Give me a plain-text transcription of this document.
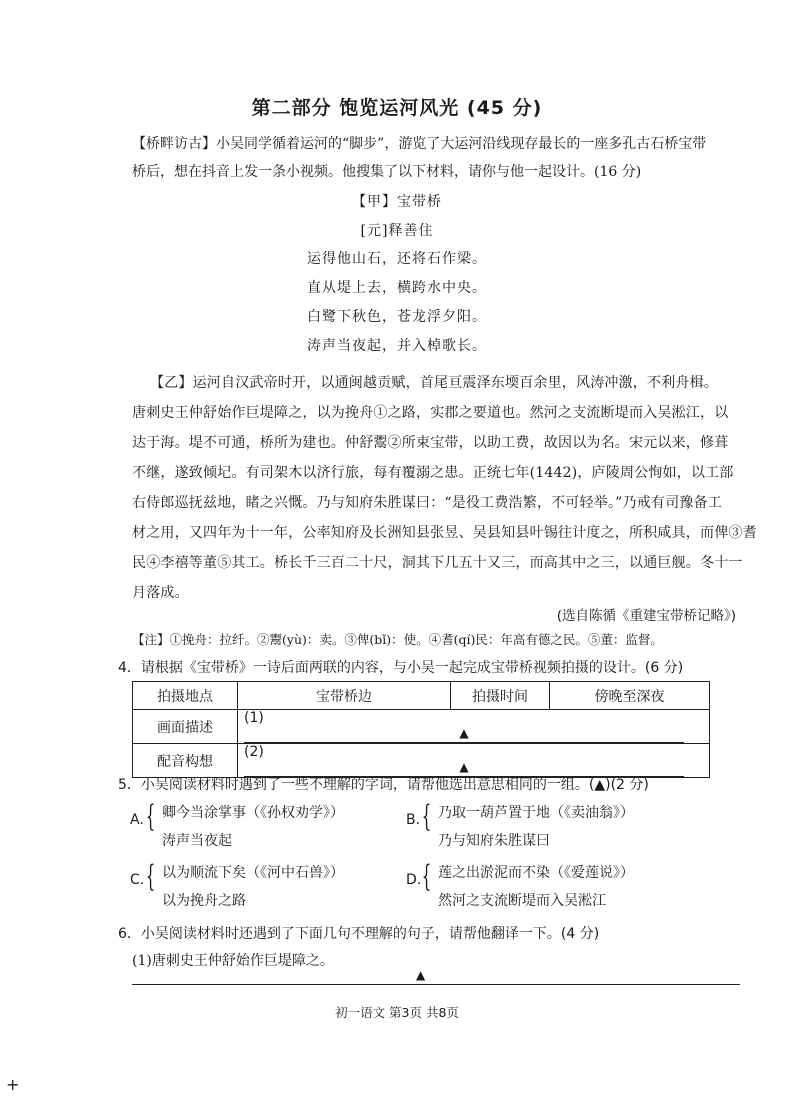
第二部分 饱览运河风光 (45 分)
【桥畔访古】小吴同学循着运河的“脚步”，游览了大运河沿线现存最长的一座多孔古石桥宝带
桥后，想在抖音上发一条小视频。他搜集了以下材料，请你与他一起设计。(16 分)
【甲】宝带桥
[元]释善住
运得他山石，还将石作梁。
直从堤上去，横跨水中央。
白鹭下秋色，苍龙浮夕阳。
涛声当夜起，并入棹歌长。
【乙】运河自汉武帝时开，以通闽越贡赋，首尾亘震泽东堧百余里，风涛冲激，不利舟楫。
唐刺史王仲舒始作巨堤障之，以为挽舟①之路，实郡之要道也。然河之支流断堤而入吴淞江，以
达于海。堤不可通，桥所为建也。仲舒鬻②所束宝带，以助工费，故因以为名。宋元以来，修葺
不继，遂致倾圮。有司架木以济行旅，每有覆溺之患。正统七年(1442)，庐陵周公恂如，以工部
右侍郎巡抚兹地，睹之兴慨。乃与知府朱胜谋曰：“是役工费浩繁，不可轻举。”乃戒有司豫备工
材之用，又四年为十一年，公率知府及长洲知县张昱、吴县知县叶锡往计度之，所积咸具，而俾③耆
民④李禧等董⑤其工。桥长千三百二十尺，洞其下几五十又三，而高其中之三，以通巨舰。冬十一
月落成。
(选自陈循《重建宝带桥记略》)
【注】①挽舟：拉纤。②鬻(yù)：卖。③俾(bǐ)：使。④耆(qí)民：年高有德之民。⑤董：监督。
4．请根据《宝带桥》一诗后面两联的内容，与小吴一起完成宝带桥视频拍摄的设计。(6 分)
拍摄地点	宝带桥边	拍摄时间	傍晚至深夜
画面描述	(1) ▲		
配音构想	(2) ▲		
5．小吴阅读材料时遇到了一些不理解的字词，请帮他选出意思相同的一组。(▲)(2 分)
A. { 卿今当涂掌事（《孙权劝学》）
涛声当夜起
B. { 乃取一葫芦置于地（《卖油翁》）
乃与知府朱胜谋曰
C. { 以为顺流下矣（《河中石兽》）
以为挽舟之路
D. { 莲之出淤泥而不染（《爱莲说》）
然河之支流断堤而入吴淞江
6．小吴阅读材料时还遇到了下面几句不理解的句子，请帮他翻译一下。(4 分)
(1)唐刺史王仲舒始作巨堤障之。
▲
初一语文 第3页 共8页
+
